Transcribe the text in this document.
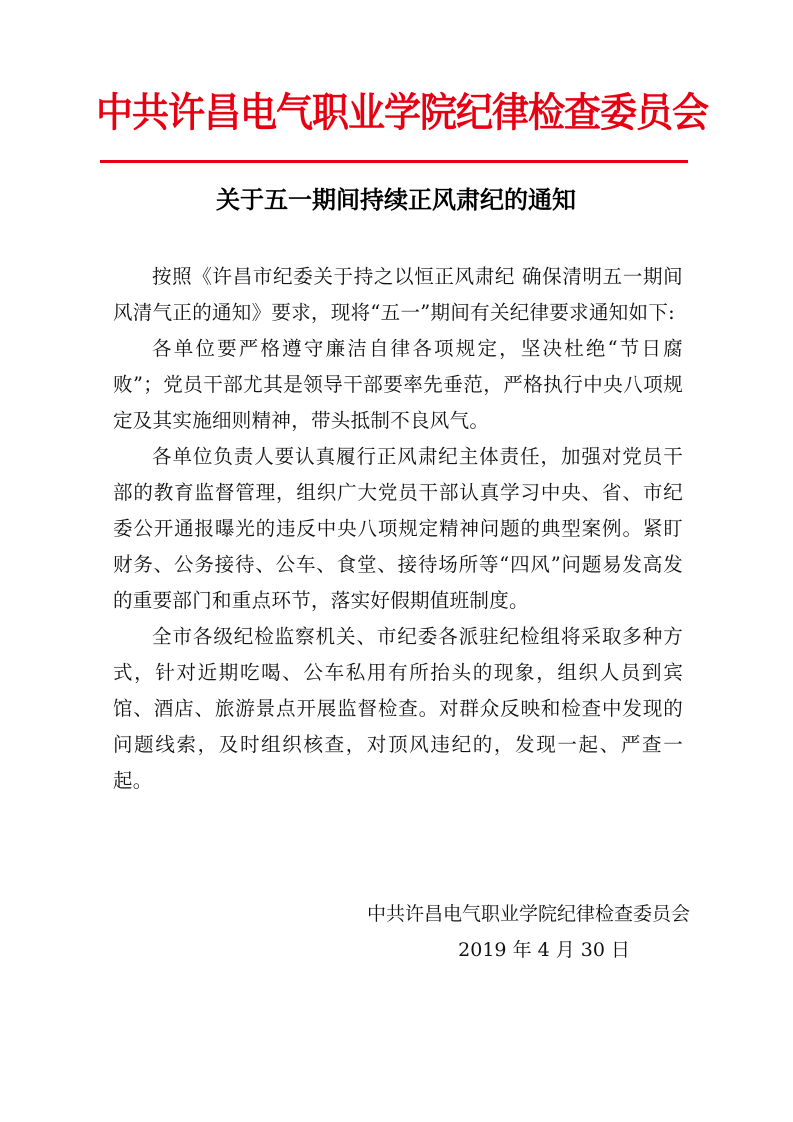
中共许昌电气职业学院纪律检查委员会
关于五一期间持续正风肃纪的通知

按照《许昌市纪委关于持之以恒正风肃纪 确保清明五一期间风清气正的通知》要求，现将“五一”期间有关纪律要求通知如下:

各单位要严格遵守廉洁自律各项规定，坚决杜绝“节日腐败”；党员干部尤其是领导干部要率先垂范，严格执行中央八项规定及其实施细则精神，带头抵制不良风气。

各单位负责人要认真履行正风肃纪主体责任，加强对党员干部的教育监督管理，组织广大党员干部认真学习中央、省、市纪委公开通报曝光的违反中央八项规定精神问题的典型案例。紧盯财务、公务接待、公车、食堂、接待场所等“四风”问题易发高发的重要部门和重点环节，落实好假期值班制度。

全市各级纪检监察机关、市纪委各派驻纪检组将采取多种方式，针对近期吃喝、公车私用有所抬头的现象，组织人员到宾馆、酒店、旅游景点开展监督检查。对群众反映和检查中发现的问题线索，及时组织核查，对顶风违纪的，发现一起、严查一起。

中共许昌电气职业学院纪律检查委员会
2019 年 4 月 30 日
